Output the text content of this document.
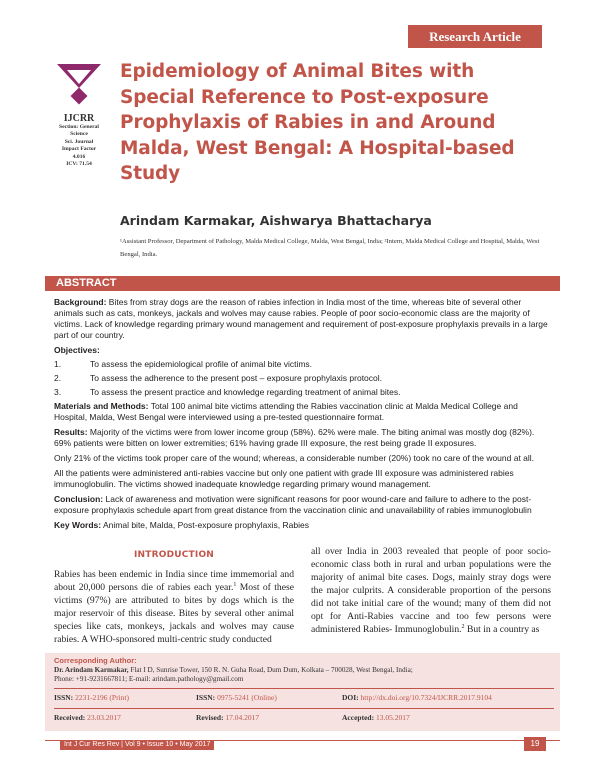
Research Article
IJCRR
Section: General
Science
Sci. Journal
Impact Factor
4.016
ICV: 71.54
Epidemiology of Animal Bites with Special Reference to Post-exposure Prophylaxis of Rabies in and Around Malda, West Bengal: A Hospital-based Study
Arindam Karmakar, Aishwarya Bhattacharya
¹Assistant Professor, Department of Pathology, Malda Medical College, Malda, West Bengal, India; ²Intern, Malda Medical College and Hospital, Malda, West Bengal, India.
ABSTRACT

Background: Bites from stray dogs are the reason of rabies infection in India most of the time, whereas bite of several other animals such as cats, monkeys, jackals and wolves may cause rabies. People of poor socio-economic class are the majority of victims. Lack of knowledge regarding primary wound management and requirement of post-exposure prophylaxis prevails in a large part of our country.

Objectives:
1.	To assess the epidemiological profile of animal bite victims.
2.	To assess the adherence to the present post – exposure prophylaxis protocol.
3.	To assess the present practice and knowledge regarding treatment of animal bites.

Materials and Methods: Total 100 animal bite victims attending the Rabies vaccination clinic at Malda Medical College and Hospital, Malda, West Bengal were interviewed using a pre-tested questionnaire format.

Results: Majority of the victims were from lower income group (58%). 62% were male. The biting animal was mostly dog (82%). 69% patients were bitten on lower extremities; 61% having grade III exposure, the rest being grade II exposures.

Only 21% of the victims took proper care of the wound; whereas, a considerable number (20%) took no care of the wound at all.

All the patients were administered anti-rabies vaccine but only one patient with grade III exposure was administered rabies immunoglobulin. The victims showed inadequate knowledge regarding primary wound management.

Conclusion: Lack of awareness and motivation were significant reasons for poor wound-care and failure to adhere to the post-exposure prophylaxis schedule apart from great distance from the vaccination clinic and unavailability of rabies immunoglobulin

Key Words: Animal bite, Malda, Post-exposure prophylaxis, Rabies

INTRODUCTION

Rabies has been endemic in India since time immemorial and about 20,000 persons die of rabies each year.$^1$ Most of these victims (97%) are attributed to bites by dogs which is the major reservoir of this disease. Bites by several other animal species like cats, monkeys, jackals and wolves may cause rabies. A WHO-sponsored multi-centric study conducted

all over India in 2003 revealed that people of poor socio-economic class both in rural and urban populations were the majority of animal bite cases. Dogs, mainly stray dogs were the major culprits. A considerable proportion of the persons did not take initial care of the wound; many of them did not opt for Anti-Rabies vaccine and too few persons were administered Rabies- Immunoglobulin.$^2$ But in a country as

Corresponding Author:
Dr. Arindam Karmakar, Flat I D, Sunrise Tower, 150 R. N. Guha Road, Dum Dum, Kolkata – 700028, West Bengal, India;
Phone: +91-9231667811; E-mail: arindam.pathology@gmail.com
ISSN: 2231-2196 (Print)	ISSN: 0975-5241 (Online)	DOI: http://dx.doi.org/10.7324/IJCRR.2017.9104
Received: 23.03.2017	Revised: 17.04.2017	Accepted: 13.05.2017
Int J Cur Res Rev | Vol 9 • Issue 10 • May 2017	19
